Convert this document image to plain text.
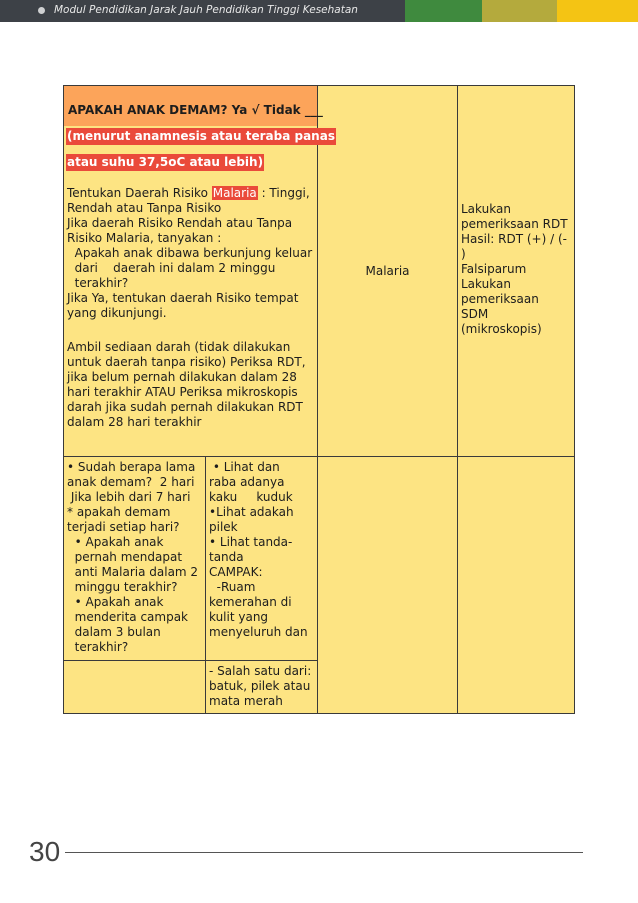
Modul Pendidikan Jarak Jauh Pendidikan Tinggi Kesehatan
APAKAH ANAK DEMAM? Ya √ Tidak ___
(menurut anamnesis atau teraba panas
atau suhu 37,5oC atau lebih)
Tentukan Daerah Risiko Malaria : Tinggi,
Rendah atau Tanpa Risiko
Jika daerah Risiko Rendah atau Tanpa
Risiko Malaria, tanyakan :
Apakah anak dibawa berkunjung keluar
dari    daerah ini dalam 2 minggu
terakhir?
Jika Ya, tentukan daerah Risiko tempat
yang dikunjungi.
Ambil sediaan darah (tidak dilakukan
untuk daerah tanpa risiko) Periksa RDT,
jika belum pernah dilakukan dalam 28
hari terakhir ATAU Periksa mikroskopis
darah jika sudah pernah dilakukan RDT
dalam 28 hari terakhir
Malaria
Lakukan
pemeriksaan RDT
Hasil: RDT (+) / (- )
Falsiparum
Lakukan
pemeriksaan
SDM
(mikroskopis)
• Sudah berapa lama
anak demam?  2 hari
Jika lebih dari 7 hari
* apakah demam
terjadi setiap hari?
• Apakah anak
pernah mendapat
anti Malaria dalam 2
minggu terakhir?
• Apakah anak
menderita campak
dalam 3 bulan
terakhir?
• Lihat dan
raba adanya
kaku     kuduk
•Lihat adakah
pilek
• Lihat tanda-
tanda
CAMPAK:
-Ruam
kemerahan di
kulit yang
menyeluruh dan
- Salah satu dari:
batuk, pilek atau
mata merah
30
